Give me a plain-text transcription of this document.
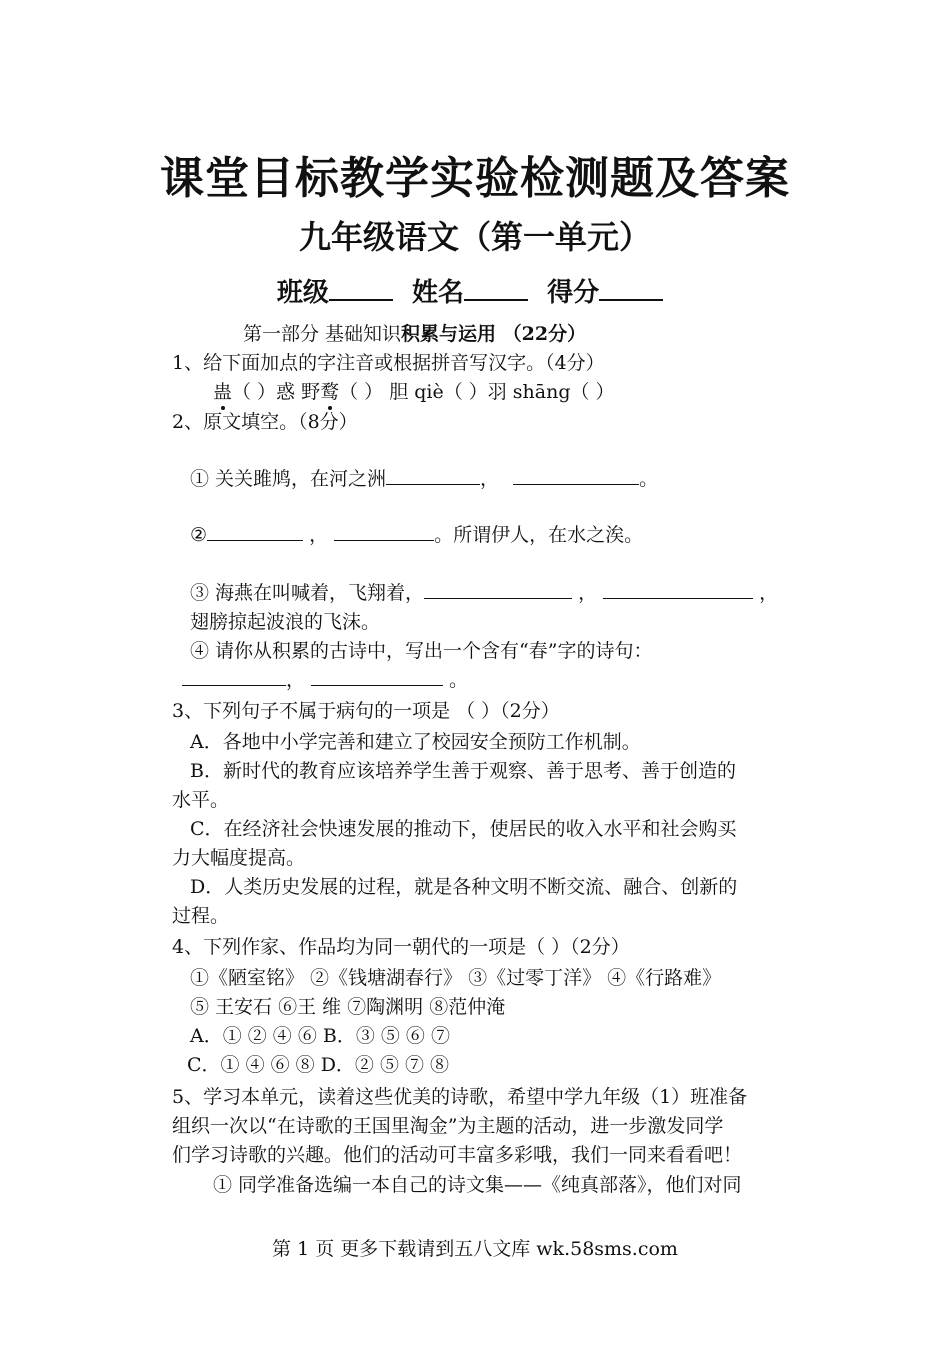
课堂目标教学实验检测题及答案
九年级语文（第一单元）
班级	姓名	得分
第一部分 基础知识积累与运用 （22分）
1、给下面加点的字注音或根据拼音写汉字。（4分）
蛊（ ）惑 野鹜（ ） 胆 qiè（ ）羽 shāng（ ）
2、原文填空。（8分）
① 关关雎鸠，在河之洲	，	。
②	，	。所谓伊人，在水之涘。
③ 海燕在叫喊着，飞翔着，	，	，
翅膀掠起波浪的飞沫。
④ 请你从积累的古诗中，写出一个含有“春”字的诗句：
，	。
3、下列句子不属于病句的一项是 （ ）（2分）
A．各地中小学完善和建立了校园安全预防工作机制。
B．新时代的教育应该培养学生善于观察、善于思考、善于创造的
水平。
C．在经济社会快速发展的推动下，使居民的收入水平和社会购买
力大幅度提高。
D．人类历史发展的过程，就是各种文明不断交流、融合、创新的
过程。
4、下列作家、作品均为同一朝代的一项是（ ）（2分）
①《陋室铭》 ②《钱塘湖春行》 ③《过零丁洋》 ④《行路难》
⑤ 王安石 ⑥王 维 ⑦陶渊明 ⑧范仲淹
A．① ② ④ ⑥ B．③ ⑤ ⑥ ⑦
C．① ④ ⑥ ⑧ D．② ⑤ ⑦ ⑧
5、学习本单元，读着这些优美的诗歌，希望中学九年级（1）班准备
组织一次以“在诗歌的王国里淘金”为主题的活动，进一步激发同学
们学习诗歌的兴趣。他们的活动可丰富多彩哦，我们一同来看看吧！
① 同学准备选编一本自己的诗文集——《纯真部落》，他们对同
第 1 页 更多下载请到五八文库 wk.58sms.com
